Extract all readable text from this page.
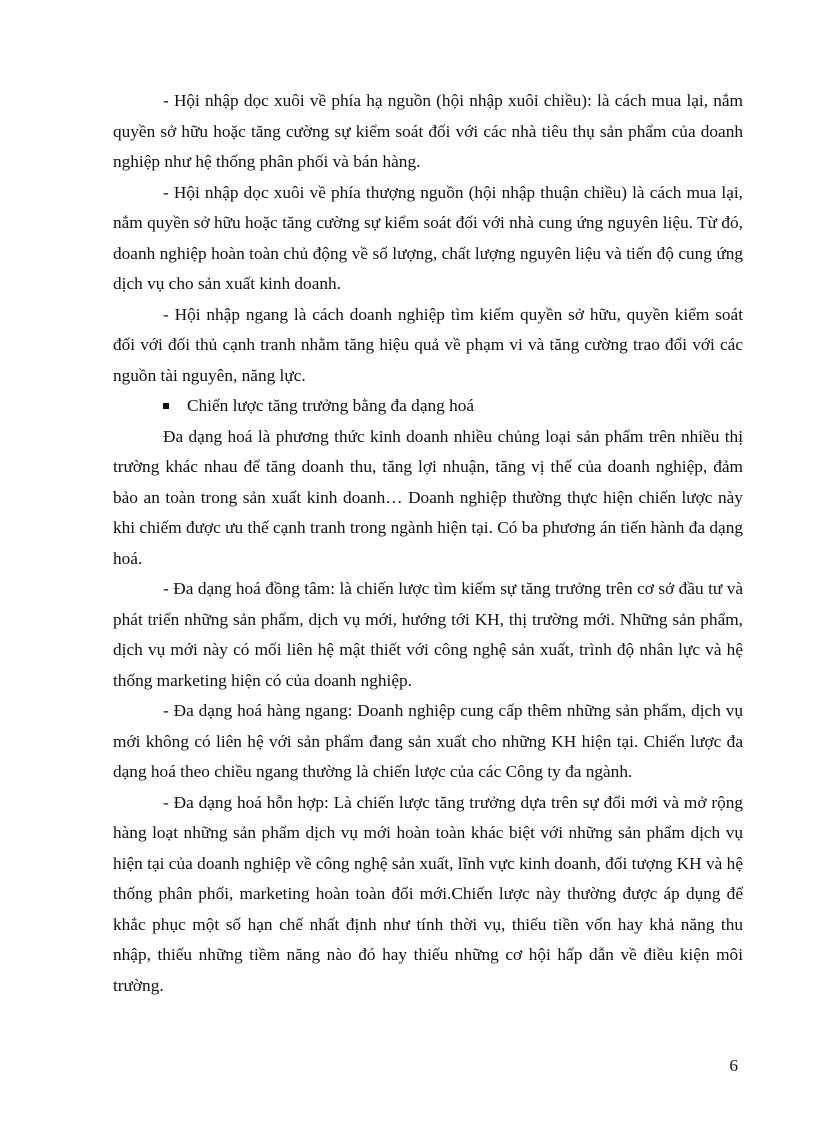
- Hội nhập dọc xuôi về phía hạ nguồn (hội nhập xuôi chiều): là cách mua lại, nắm quyền sở hữu hoặc tăng cường sự kiểm soát đối với các nhà tiêu thụ sản phẩm của doanh nghiệp như hệ thống phân phối và bán hàng.

- Hội nhập dọc xuôi về phía thượng nguồn (hội nhập thuận chiều) là cách mua lại, nắm quyền sở hữu hoặc tăng cường sự kiểm soát đối với nhà cung ứng nguyên liệu. Từ đó, doanh nghiệp hoàn toàn chủ động về số lượng, chất lượng nguyên liệu và tiến độ cung ứng dịch vụ cho sản xuất kinh doanh.

- Hội nhập ngang là cách doanh nghiệp tìm kiếm quyền sở hữu, quyền kiểm soát đối với đối thủ cạnh tranh nhằm tăng hiệu quả về phạm vi và tăng cường trao đổi với các nguồn tài nguyên, năng lực.

Chiến lược tăng trưởng bằng đa dạng hoá

Đa dạng hoá là phương thức kinh doanh nhiều chủng loại sản phẩm trên nhiều thị trường khác nhau để tăng doanh thu, tăng lợi nhuận, tăng vị thế của doanh nghiệp, đảm bảo an toàn trong sản xuất kinh doanh… Doanh nghiệp thường thực hiện chiến lược này khi chiếm được ưu thế cạnh tranh trong ngành hiện tại. Có ba phương án tiến hành đa dạng hoá.

- Đa dạng hoá đồng tâm: là chiến lược tìm kiếm sự tăng trưởng trên cơ sở đầu tư và phát triển những sản phẩm, dịch vụ mới, hướng tới KH, thị trường mới. Những sản phẩm, dịch vụ mới này có mối liên hệ mật thiết với công nghệ sản xuất, trình độ nhân lực và hệ thống marketing hiện có của doanh nghiệp.

- Đa dạng hoá hàng ngang: Doanh nghiệp cung cấp thêm những sản phẩm, dịch vụ mới không có liên hệ với sản phẩm đang sản xuất cho những KH hiện tại. Chiến lược đa dạng hoá theo chiều ngang thường là chiến lược của các Công ty đa ngành.

- Đa dạng hoá hỗn hợp: Là chiến lược tăng trưởng dựa trên sự đổi mới và mở rộng hàng loạt những sản phẩm dịch vụ mới hoàn toàn khác biệt với những sản phẩm dịch vụ hiện tại của doanh nghiệp về công nghệ sản xuất, lĩnh vực kinh doanh, đối tượng KH và hệ thống phân phối, marketing hoàn toàn đổi mới.Chiến lược này thường được áp dụng để khắc phục một số hạn chế nhất định như tính thời vụ, thiếu tiền vốn hay khả năng thu nhập, thiếu những tiềm năng nào đó hay thiếu những cơ hội hấp dẫn về điều kiện môi trường.

6
